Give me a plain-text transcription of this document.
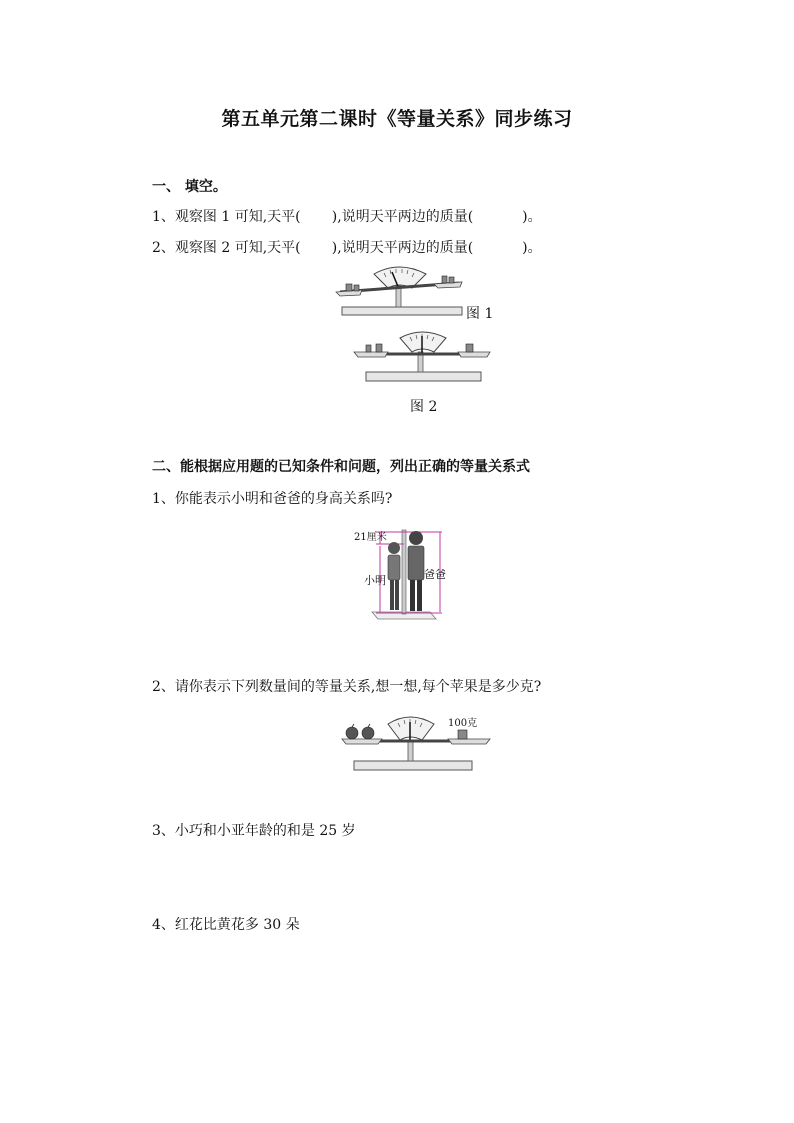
第五单元第二课时《等量关系》同步练习
一、 填空。
1、观察图 1 可知,天平(       ),说明天平两边的质量(           )。
2、观察图 2 可知,天平(       ),说明天平两边的质量(           )。
图 1
图 2
二、能根据应用题的已知条件和问题，列出正确的等量关系式
1、你能表示小明和爸爸的身高关系吗?
21厘米
小明	爸爸
2、请你表示下列数量间的等量关系,想一想,每个苹果是多少克?
100克
3、小巧和小亚年龄的和是 25 岁
4、红花比黄花多 30 朵
